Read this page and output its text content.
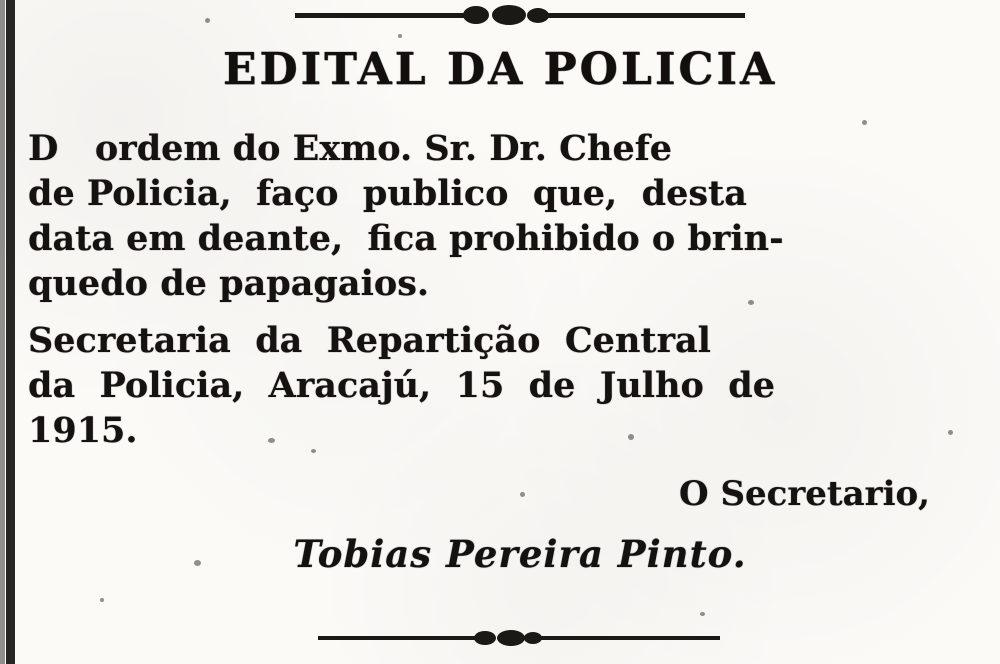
EDITAL DA POLICIA
D   ordem do Exmo. Sr. Dr. Chefe
de Policia,  faço  publico  que,  desta
data em deante,  fica prohibido o brin-
quedo de papagaios.
Secretaria  da  Repartição  Central
da  Policia,  Aracajú,  15  de  Julho  de
1915.
O Secretario,
Tobias Pereira Pinto.
